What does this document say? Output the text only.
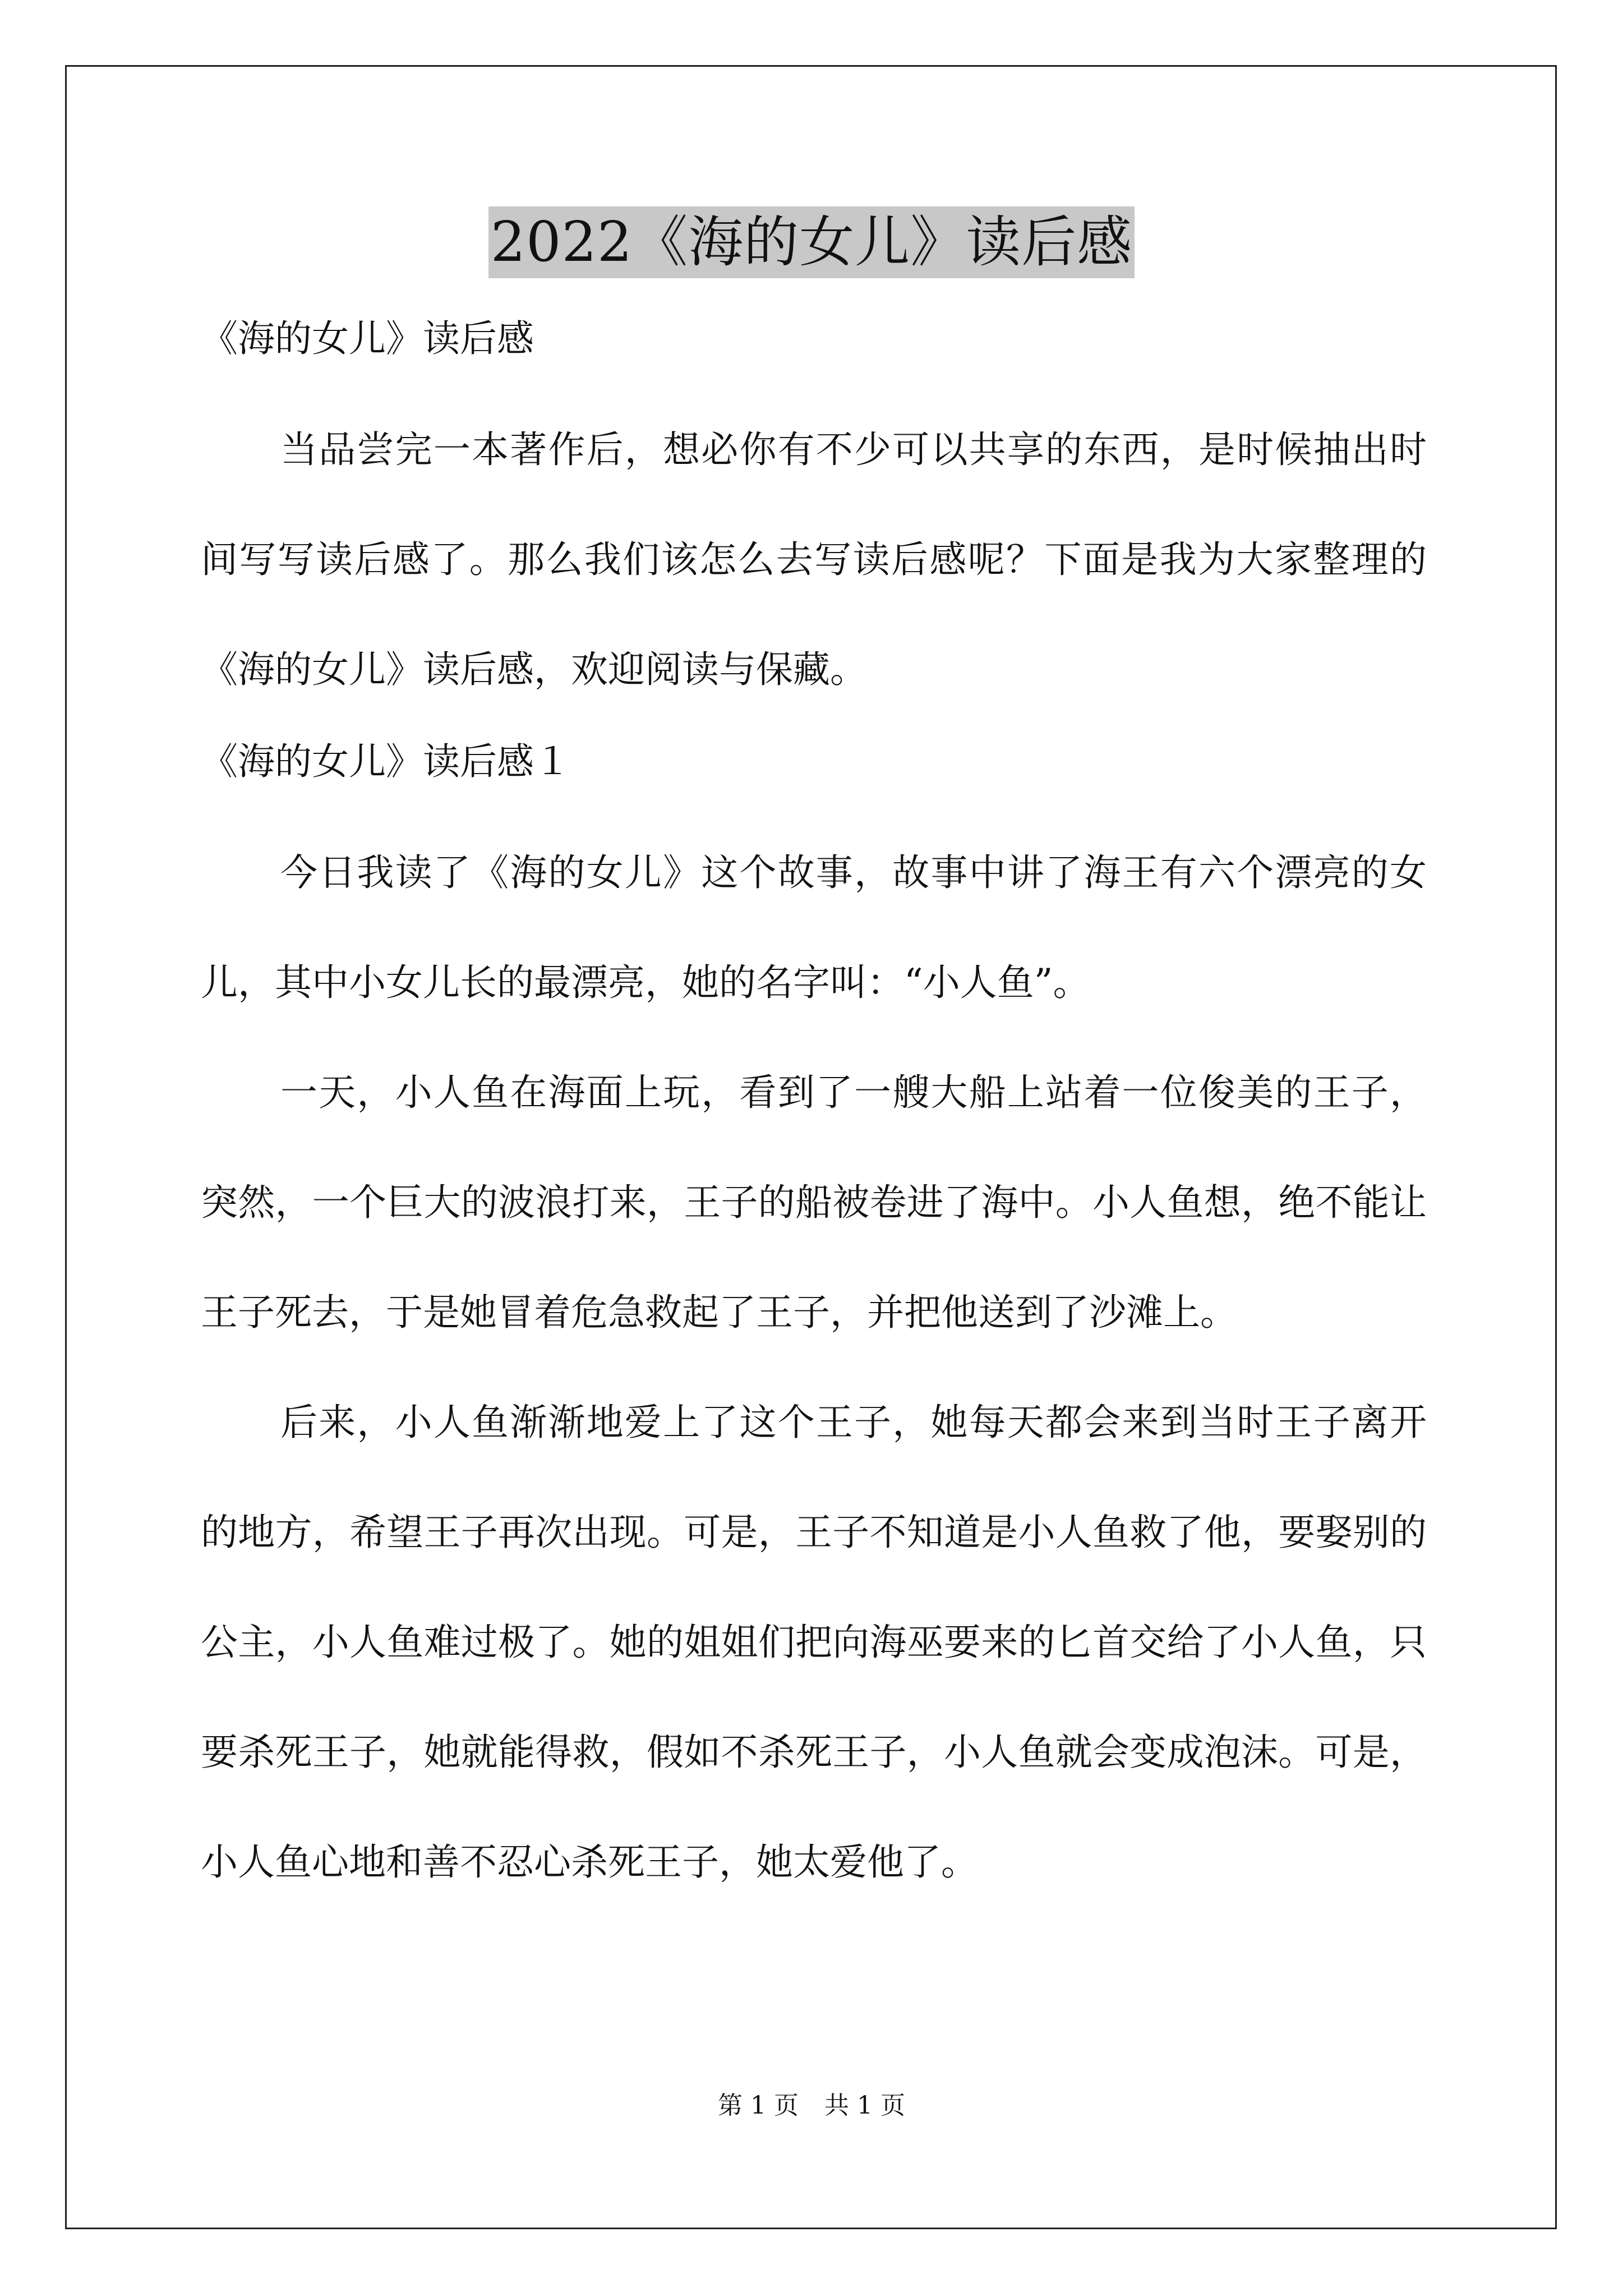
2022《海的女儿》读后感
《海的女儿》读后感

当品尝完一本著作后，想必你有不少可以共享的东西，是时候抽出时间写写读后感了。那么我们该怎么去写读后感呢？下面是我为大家整理的《海的女儿》读后感，欢迎阅读与保藏。

《海的女儿》读后感１

今日我读了《海的女儿》这个故事，故事中讲了海王有六个漂亮的女儿，其中小女儿长的最漂亮，她的名字叫：“小人鱼”。

一天，小人鱼在海面上玩，看到了一艘大船上站着一位俊美的王子，突然，一个巨大的波浪打来，王子的船被卷进了海中。小人鱼想，绝不能让王子死去，于是她冒着危急救起了王子，并把他送到了沙滩上。

后来，小人鱼渐渐地爱上了这个王子，她每天都会来到当时王子离开的地方，希望王子再次出现。可是，王子不知道是小人鱼救了他，要娶别的公主，小人鱼难过极了。她的姐姐们把向海巫要来的匕首交给了小人鱼，只要杀死王子，她就能得救，假如不杀死王子，小人鱼就会变成泡沫。可是，小人鱼心地和善不忍心杀死王子，她太爱他了。

第 1 页 共 1 页
